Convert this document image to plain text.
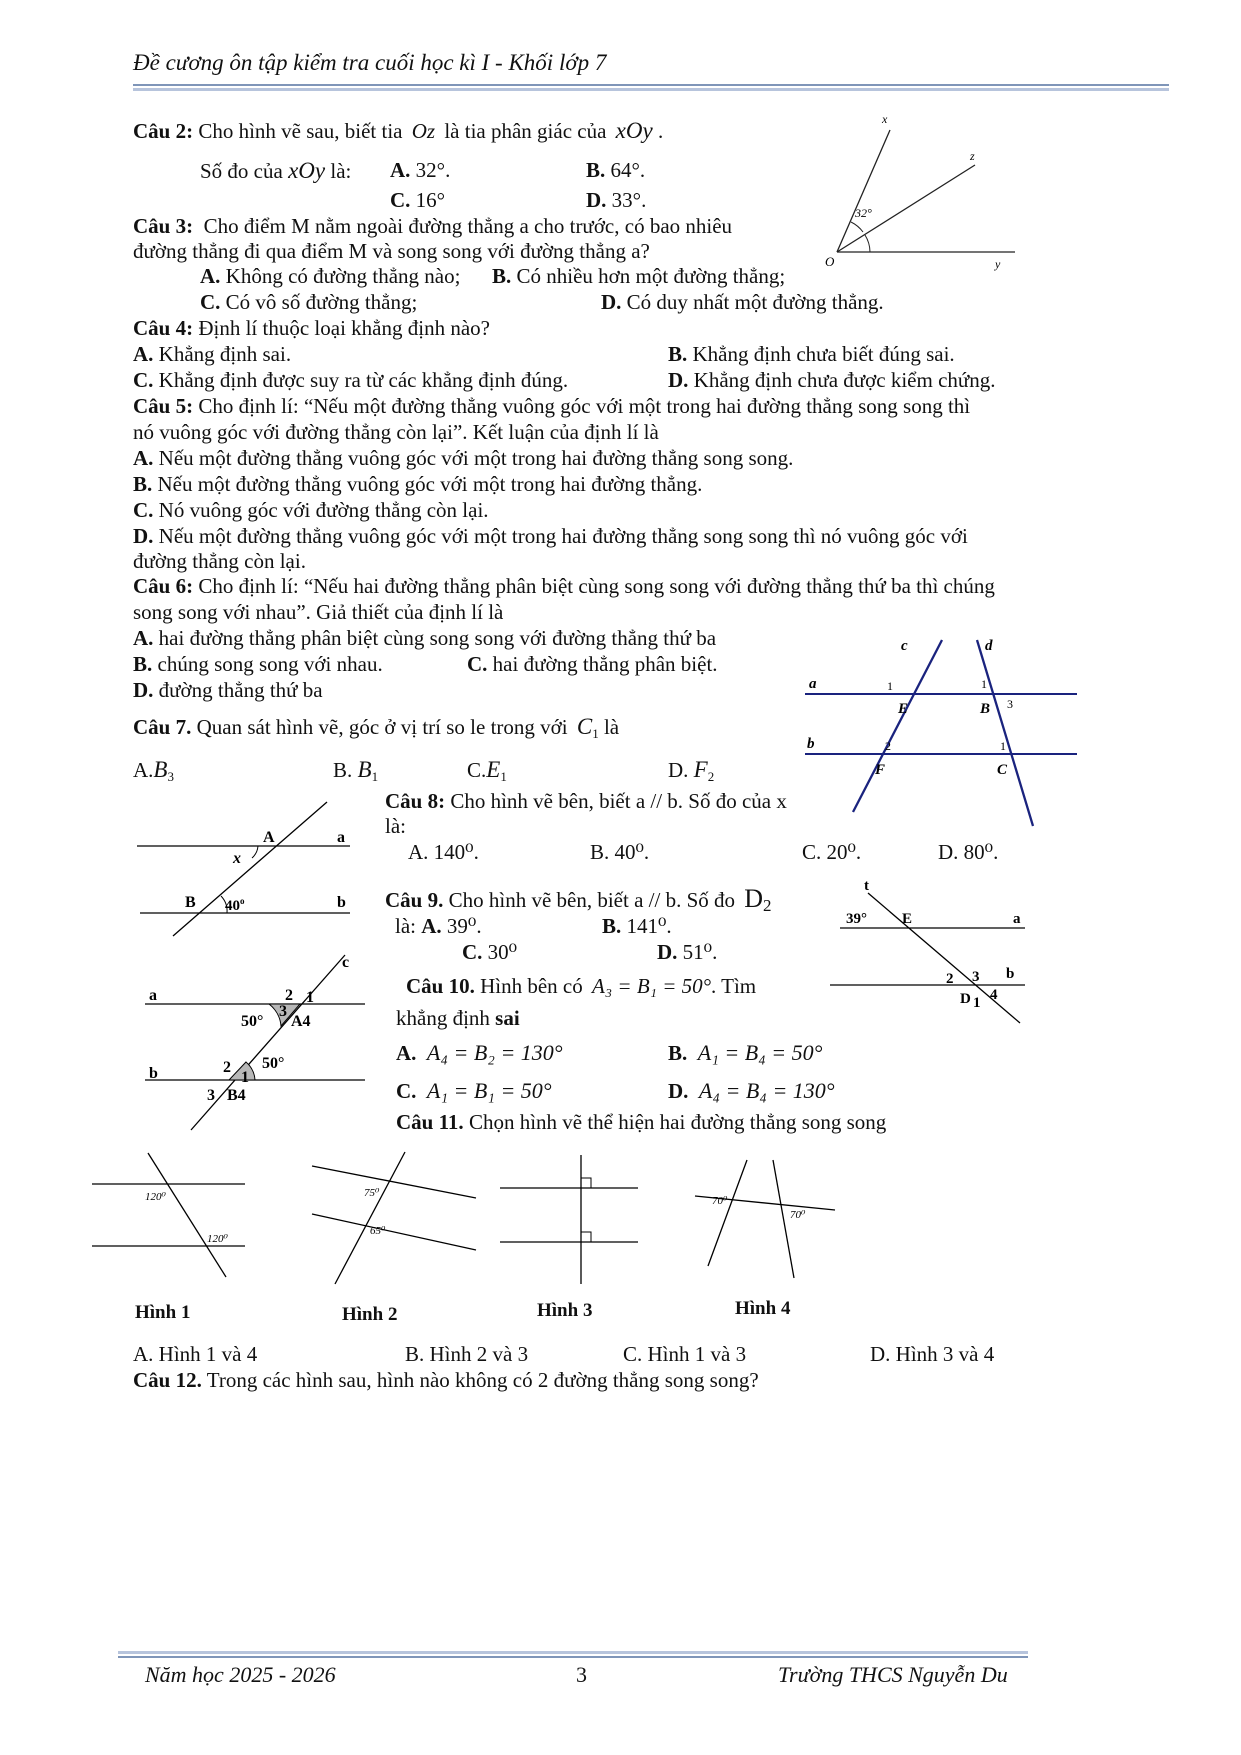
Đề cương ôn tập kiểm tra cuối học kì I - Khối lớp 7
Câu 2: Cho hình vẽ sau, biết tia Oz là tia phân giác của xOy .
Số đo của xOy là: A. 32°.	B. 64°.
C. 16°	D. 33°.
x
z
32°
O	y
Câu 3: Cho điểm M nằm ngoài đường thẳng a cho trước, có bao nhiêu
đường thẳng đi qua điểm M và song song với đường thẳng a?
A. Không có đường thẳng nào; B. Có nhiều hơn một đường thẳng;
C. Có vô số đường thẳng;	D. Có duy nhất một đường thẳng.
Câu 4: Định lí thuộc loại khẳng định nào?
A. Khẳng định sai.	B. Khẳng định chưa biết đúng sai.
C. Khẳng định được suy ra từ các khẳng định đúng.	D. Khẳng định chưa được kiểm chứng.
Câu 5: Cho định lí: “Nếu một đường thẳng vuông góc với một trong hai đường thẳng song song thì
nó vuông góc với đường thẳng còn lại”. Kết luận của định lí là
A. Nếu một đường thẳng vuông góc với một trong hai đường thẳng song song.
B. Nếu một đường thẳng vuông góc với một trong hai đường thẳng.
C. Nó vuông góc với đường thẳng còn lại.
D. Nếu một đường thẳng vuông góc với một trong hai đường thẳng song song thì nó vuông góc với
đường thẳng còn lại.
Câu 6: Cho định lí: “Nếu hai đường thẳng phân biệt cùng song song với đường thẳng thứ ba thì chúng
song song với nhau”. Giả thiết của định lí là
A. hai đường thẳng phân biệt cùng song song với đường thẳng thứ ba
B. chúng song song với nhau.	C. hai đường thẳng phân biệt.
D. đường thẳng thứ ba
c	d
a
b
1	1
E	B 3
2	1
F	C
Câu 7. Quan sát hình vẽ, góc ở vị trí so le trong với $C_1$ là
$A.B_3$	B. $B_1$	$C.E_1$	D. $F_2$
A	a
x
B 40$^o$	b
Câu 8: Cho hình vẽ bên, biết a // b. Số đo của x
là:
A. 140⁰.	B. 40⁰.	C. 20⁰.	D. 80⁰.
Câu 9. Cho hình vẽ bên, biết a // b. Số đo D2
là: A. 39⁰.	B. 141⁰.
C. 30⁰	D. 51⁰.
t
39° E	a
b
2 3
D 1 4
c
a	2 1
50°
3
A4
b	2
1
50°
3 B4
Câu 10. Hình bên có A₃ = B₁ = 50°. Tìm
khẳng định sai
A. A₄ = B₂ = 130°	B. A₁ = B₄ = 50°
C. A₁ = B₁ = 50°	D. A₄ = B₄ = 130°
Câu 11. Chọn hình vẽ thể hiện hai đường thẳng song song
120⁰
120⁰
Hình 1
75⁰
65⁰
Hình 2	Hình 3
70⁰
70⁰
Hình 4
A. Hình 1 và 4	B. Hình 2 và 3	C. Hình 1 và 3	D. Hình 3 và 4
Câu 12. Trong các hình sau, hình nào không có 2 đường thẳng song song?
Năm học 2025 - 2026	3	Trường THCS Nguyễn Du
